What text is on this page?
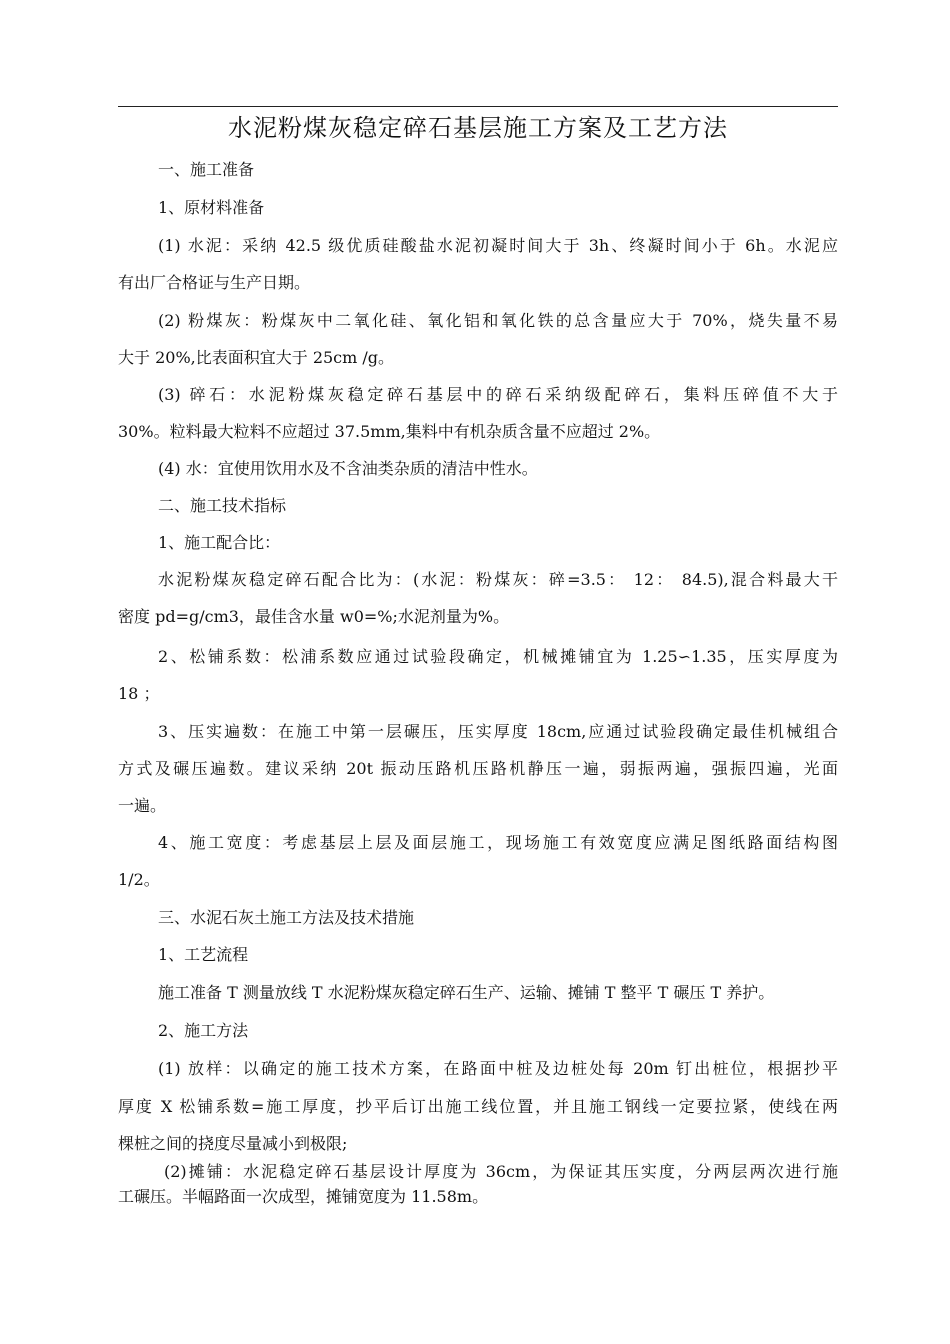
水泥粉煤灰稳定碎石基层施工方案及工艺方法
一、施工准备
1、原材料准备
(1) 水泥：采纳 42.5 级优质硅酸盐水泥初凝时间大于 3h、终凝时间小于 6h。水泥应
有出厂合格证与生产日期。
(2) 粉煤灰：粉煤灰中二氧化硅、氧化铝和氧化铁的总含量应大于 70%，烧失量不易
大于 20%,比表面积宜大于 25cm /g。
(3) 碎石：水泥粉煤灰稳定碎石基层中的碎石采纳级配碎石，集料压碎值不大于
30%。粒料最大粒料不应超过 37.5mm,集料中有机杂质含量不应超过 2%。
(4) 水：宜使用饮用水及不含油类杂质的清洁中性水。
二、施工技术指标
1、施工配合比：
水泥粉煤灰稳定碎石配合比为：(水泥：粉煤灰：碎=3.5： 12： 84.5),混合料最大干
密度 pd=g/cm3，最佳含水量 w0=%;水泥剂量为%。
2、松铺系数：松浦系数应通过试验段确定，机械摊铺宜为 1.25∽1.35，压实厚度为
18 ；
3、压实遍数：在施工中第一层碾压，压实厚度 18cm,应通过试验段确定最佳机械组合
方式及碾压遍数。建议采纳 20t 振动压路机压路机静压一遍，弱振两遍，强振四遍，光面
一遍。
4、施工宽度：考虑基层上层及面层施工，现场施工有效宽度应满足图纸路面结构图
1/2。
三、水泥石灰土施工方法及技术措施
1、工艺流程
施工准备 T 测量放线 T 水泥粉煤灰稳定碎石生产、运输、摊铺 T 整平 T 碾压 T 养护。
2、施工方法
(1) 放样：以确定的施工技术方案，在路面中桩及边桩处每 20m 钉出桩位，根据抄平
厚度 X 松铺系数=施工厚度，抄平后订出施工线位置，并且施工钢线一定要拉紧，使线在两
棵桩之间的挠度尽量减小到极限;
(2)摊铺：水泥稳定碎石基层设计厚度为 36cm，为保证其压实度，分两层两次进行施
工碾压。半幅路面一次成型，摊铺宽度为 11.58m。
